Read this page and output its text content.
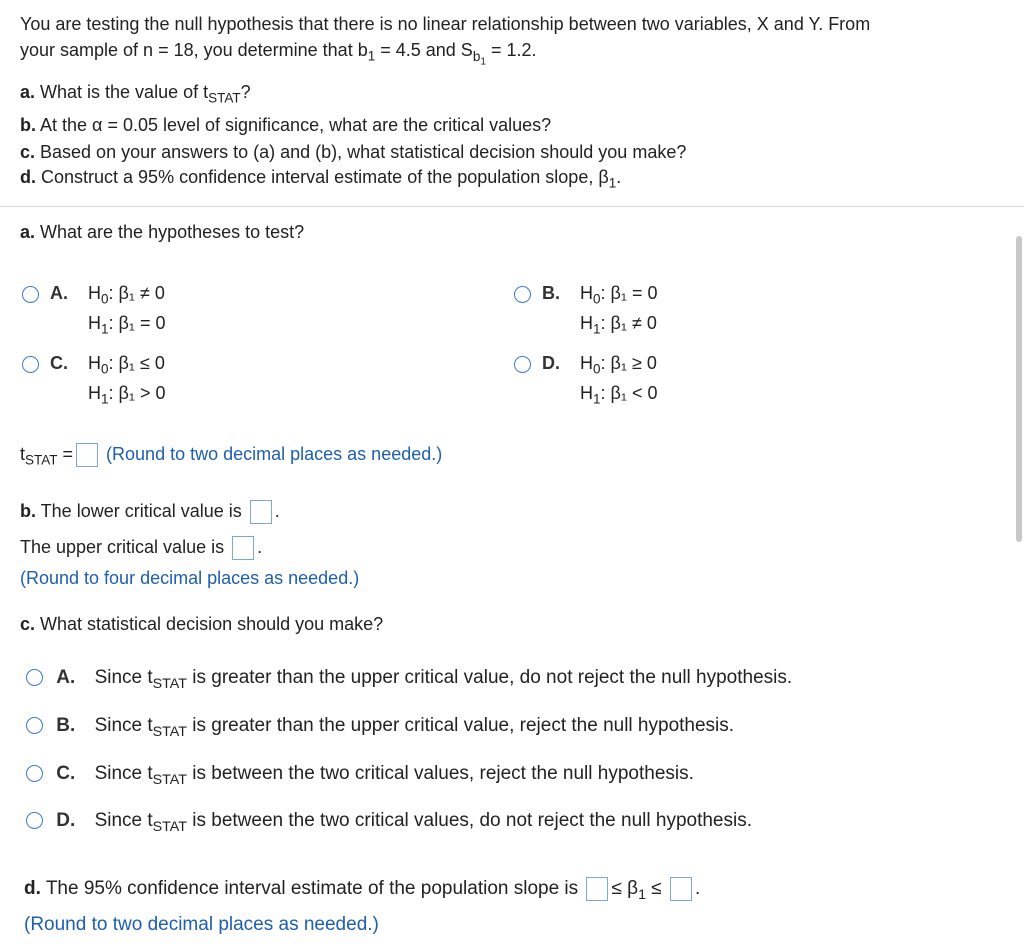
You are testing the null hypothesis that there is no linear relationship between two variables, X and Y. From
your sample of n = 18, you determine that $b_1 = 4.5$ and $S_{b_1} = 1.2$.
a. What is the value of $t_{STAT}$?
b. At the α = 0.05 level of significance, what are the critical values?
c. Based on your answers to (a) and (b), what statistical decision should you make?
d. Construct a 95% confidence interval estimate of the population slope, $\beta_1$.
a. What are the hypotheses to test?
A. $H_0$: β₁ ≠ 0
$H_1$: β₁ = 0
B. $H_0$: β₁ = 0
$H_1$: β₁ ≠ 0
C. $H_0$: β₁ ≤ 0
$H_1$: β₁ > 0
D. $H_0$: β₁ ≥ 0
$H_1$: β₁ < 0
$t_{STAT}$ = (Round to two decimal places as needed.)
b. The lower critical value is .
The upper critical value is .
(Round to four decimal places as needed.)
c. What statistical decision should you make?
A. Since $t_{STAT}$ is greater than the upper critical value, do not reject the null hypothesis.
B. Since $t_{STAT}$ is greater than the upper critical value, reject the null hypothesis.
C. Since $t_{STAT}$ is between the two critical values, reject the null hypothesis.
D. Since $t_{STAT}$ is between the two critical values, do not reject the null hypothesis.
d. The 95% confidence interval estimate of the population slope is ≤ $\beta_1$ ≤ .
(Round to two decimal places as needed.)
